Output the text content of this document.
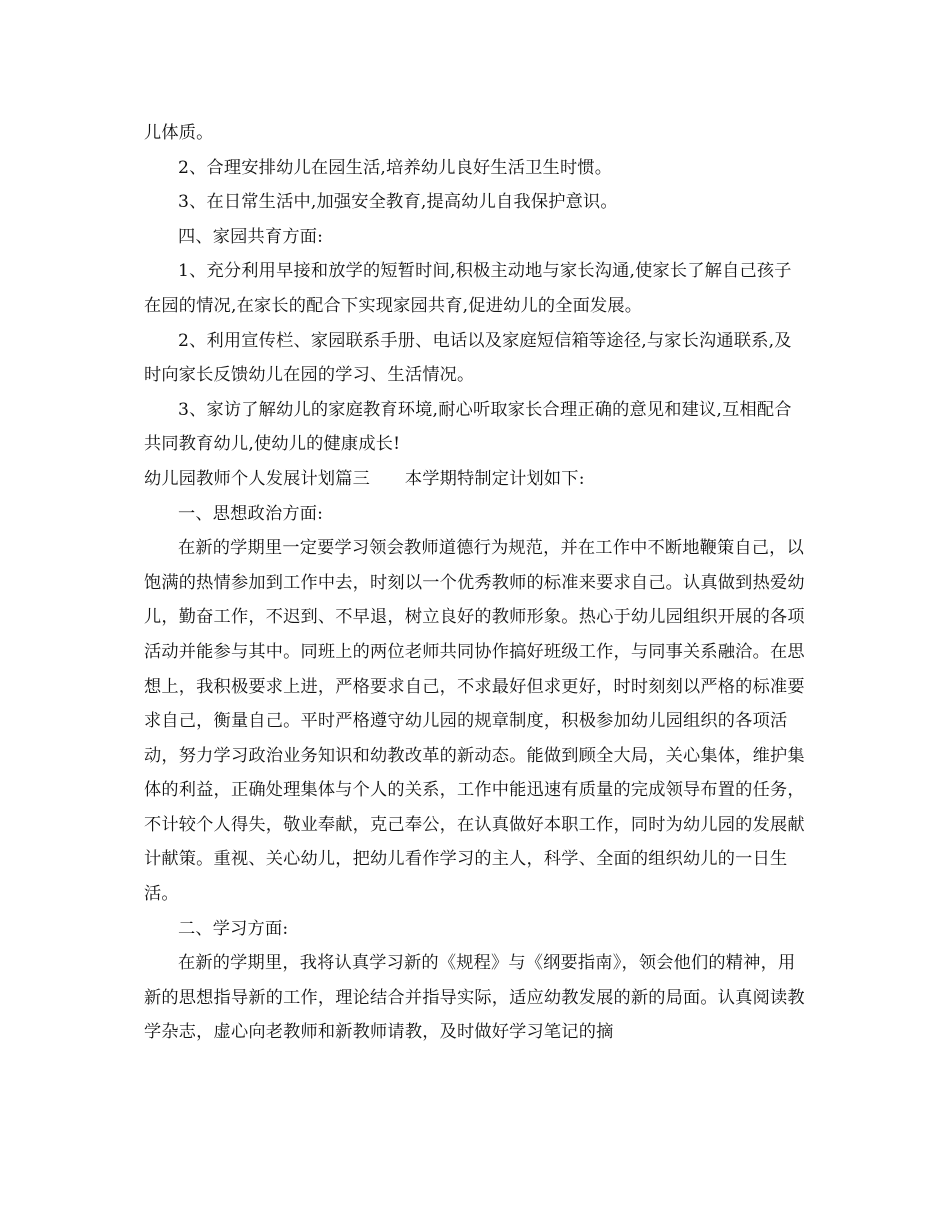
儿体质。

2、合理安排幼儿在园生活,培养幼儿良好生活卫生时惯。

3、在日常生活中,加强安全教育,提高幼儿自我保护意识。

四、家园共育方面:

1、充分利用早接和放学的短暂时间,积极主动地与家长沟通,使家长了解自己孩子在园的情况,在家长的配合下实现家园共育,促进幼儿的全面发展。

2、利用宣传栏、家园联系手册、电话以及家庭短信箱等途径,与家长沟通联系,及时向家长反馈幼儿在园的学习、生活情况。

3、家访了解幼儿的家庭教育环境,耐心听取家长合理正确的意见和建议,互相配合共同教育幼儿,使幼儿的健康成长!

幼儿园教师个人发展计划篇三　　本学期特制定计划如下:

一、思想政治方面:

在新的学期里一定要学习领会教师道德行为规范，并在工作中不断地鞭策自己，以饱满的热情参加到工作中去，时刻以一个优秀教师的标准来要求自己。认真做到热爱幼儿，勤奋工作，不迟到、不早退，树立良好的教师形象。热心于幼儿园组织开展的各项活动并能参与其中。同班上的两位老师共同协作搞好班级工作，与同事关系融洽。在思想上，我积极要求上进，严格要求自己，不求最好但求更好，时时刻刻以严格的标准要求自己，衡量自己。平时严格遵守幼儿园的规章制度，积极参加幼儿园组织的各项活动，努力学习政治业务知识和幼教改革的新动态。能做到顾全大局，关心集体，维护集体的利益，正确处理集体与个人的关系，工作中能迅速有质量的完成领导布置的任务，不计较个人得失，敬业奉献，克己奉公，在认真做好本职工作，同时为幼儿园的发展献计献策。重视、关心幼儿，把幼儿看作学习的主人，科学、全面的组织幼儿的一日生活。

二、学习方面:

在新的学期里，我将认真学习新的《规程》与《纲要指南》，领会他们的精神，用新的思想指导新的工作，理论结合并指导实际，适应幼教发展的新的局面。认真阅读教学杂志，虚心向老教师和新教师请教，及时做好学习笔记的摘
